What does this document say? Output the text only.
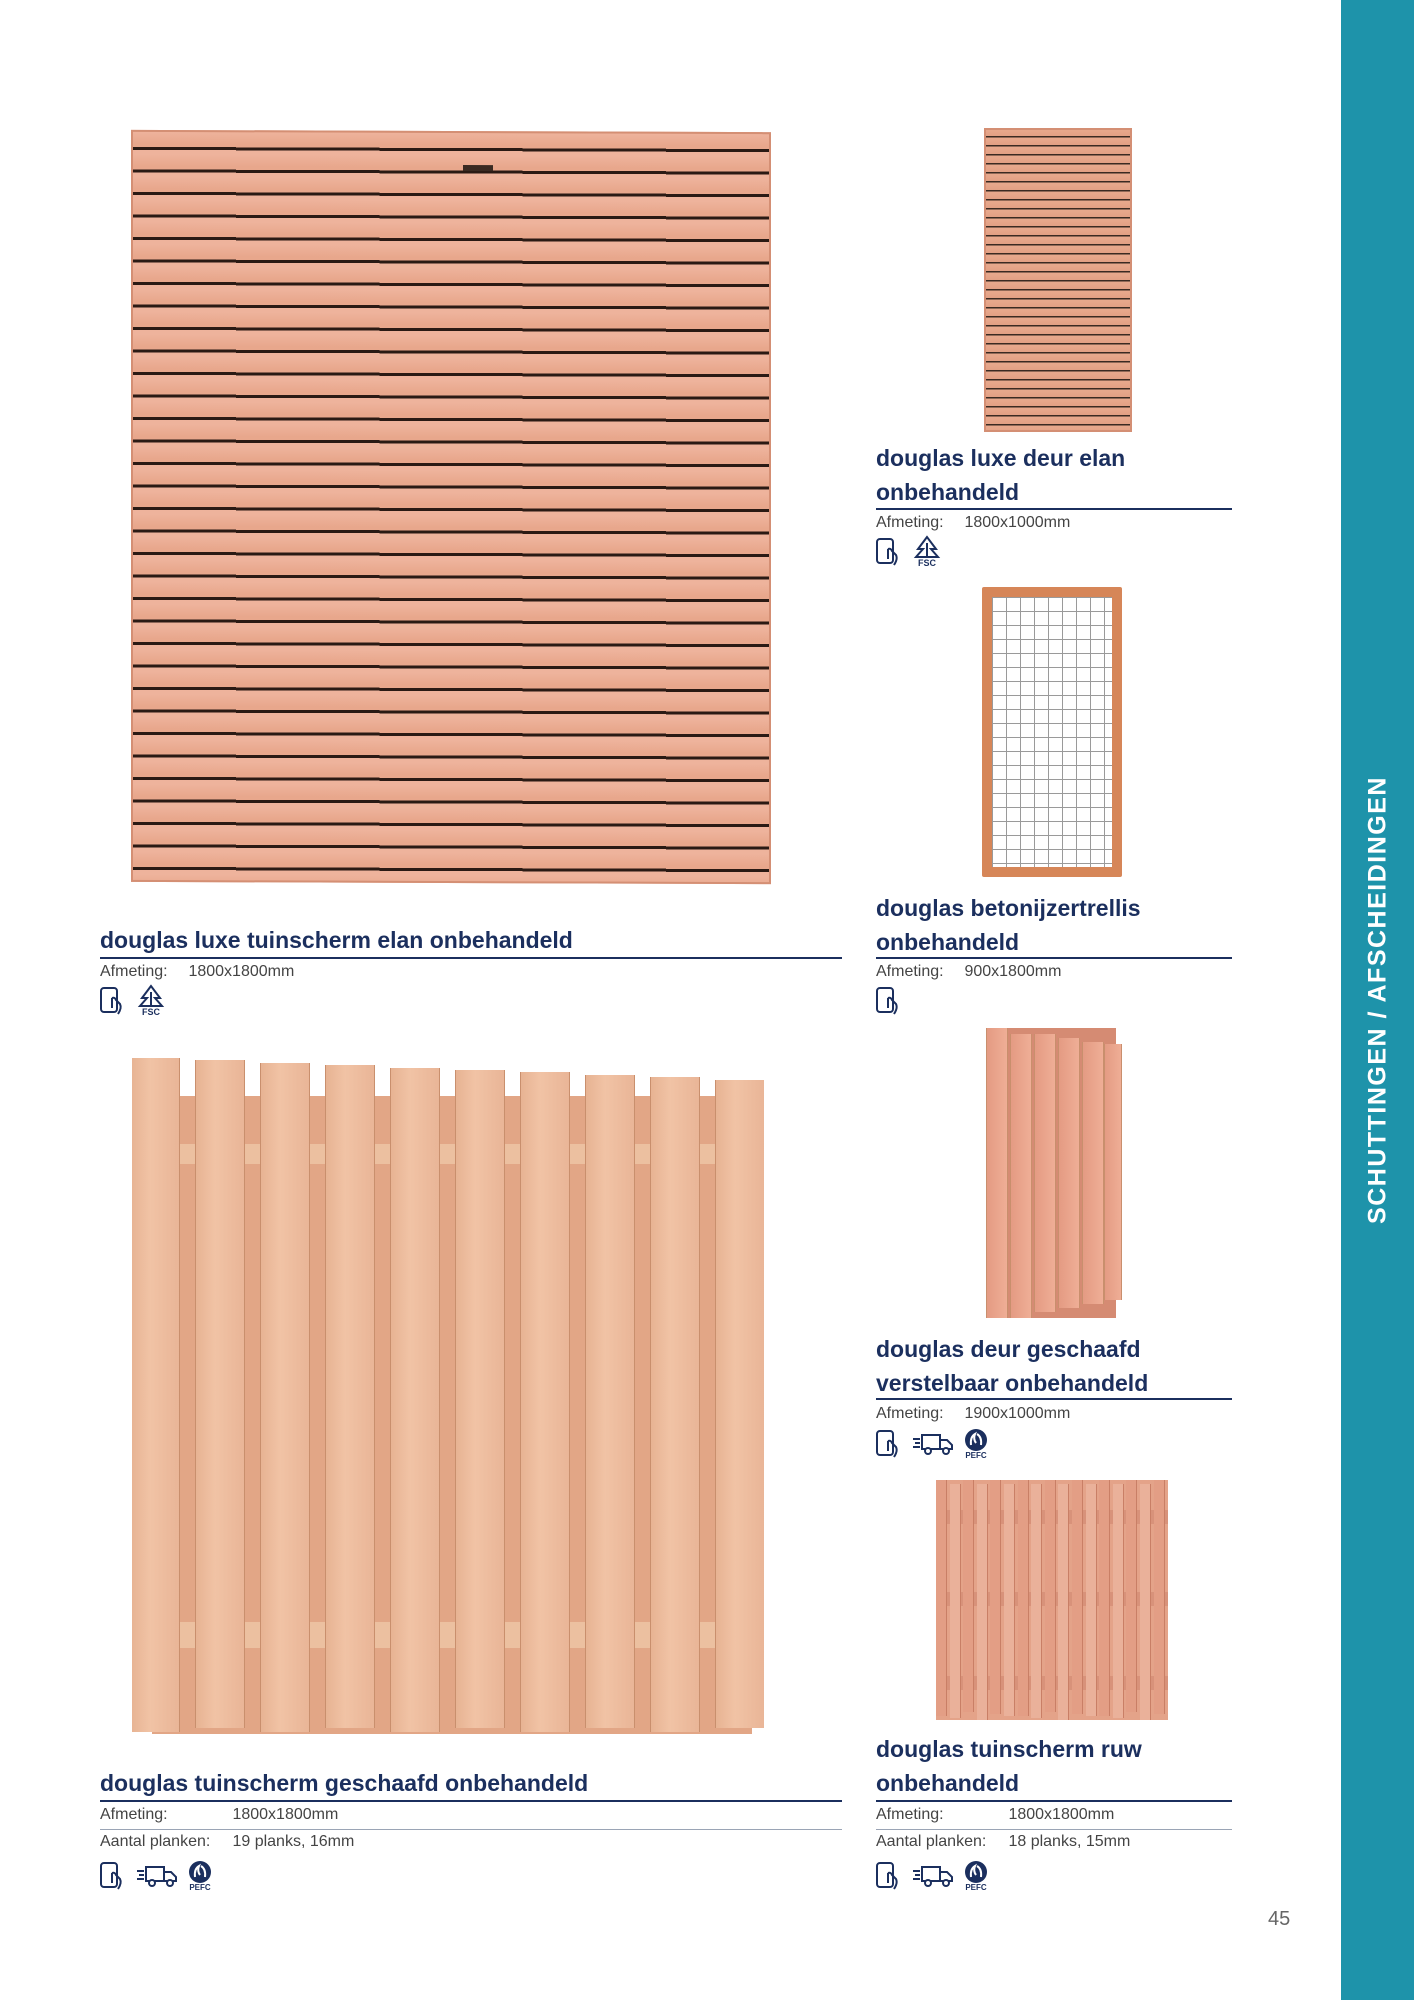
SCHUTTINGEN / AFSCHEIDINGEN
douglas luxe tuinscherm elan onbehandeld
Afmeting: 1800x1800mm
FSC
douglas luxe deur elan
onbehandeld
Afmeting: 1800x1000mm
FSC
douglas betonijzertrellis
onbehandeld
Afmeting: 900x1800mm
douglas deur geschaafd
verstelbaar onbehandeld
Afmeting: 1900x1000mm
PEFC
douglas tuinscherm geschaafd onbehandeld
Afmeting:	1800x1800mm
Aantal planken: 19 planks, 16mm
PEFC
douglas tuinscherm ruw
onbehandeld
Afmeting:	1800x1800mm
Aantal planken: 18 planks, 15mm
PEFC
45
